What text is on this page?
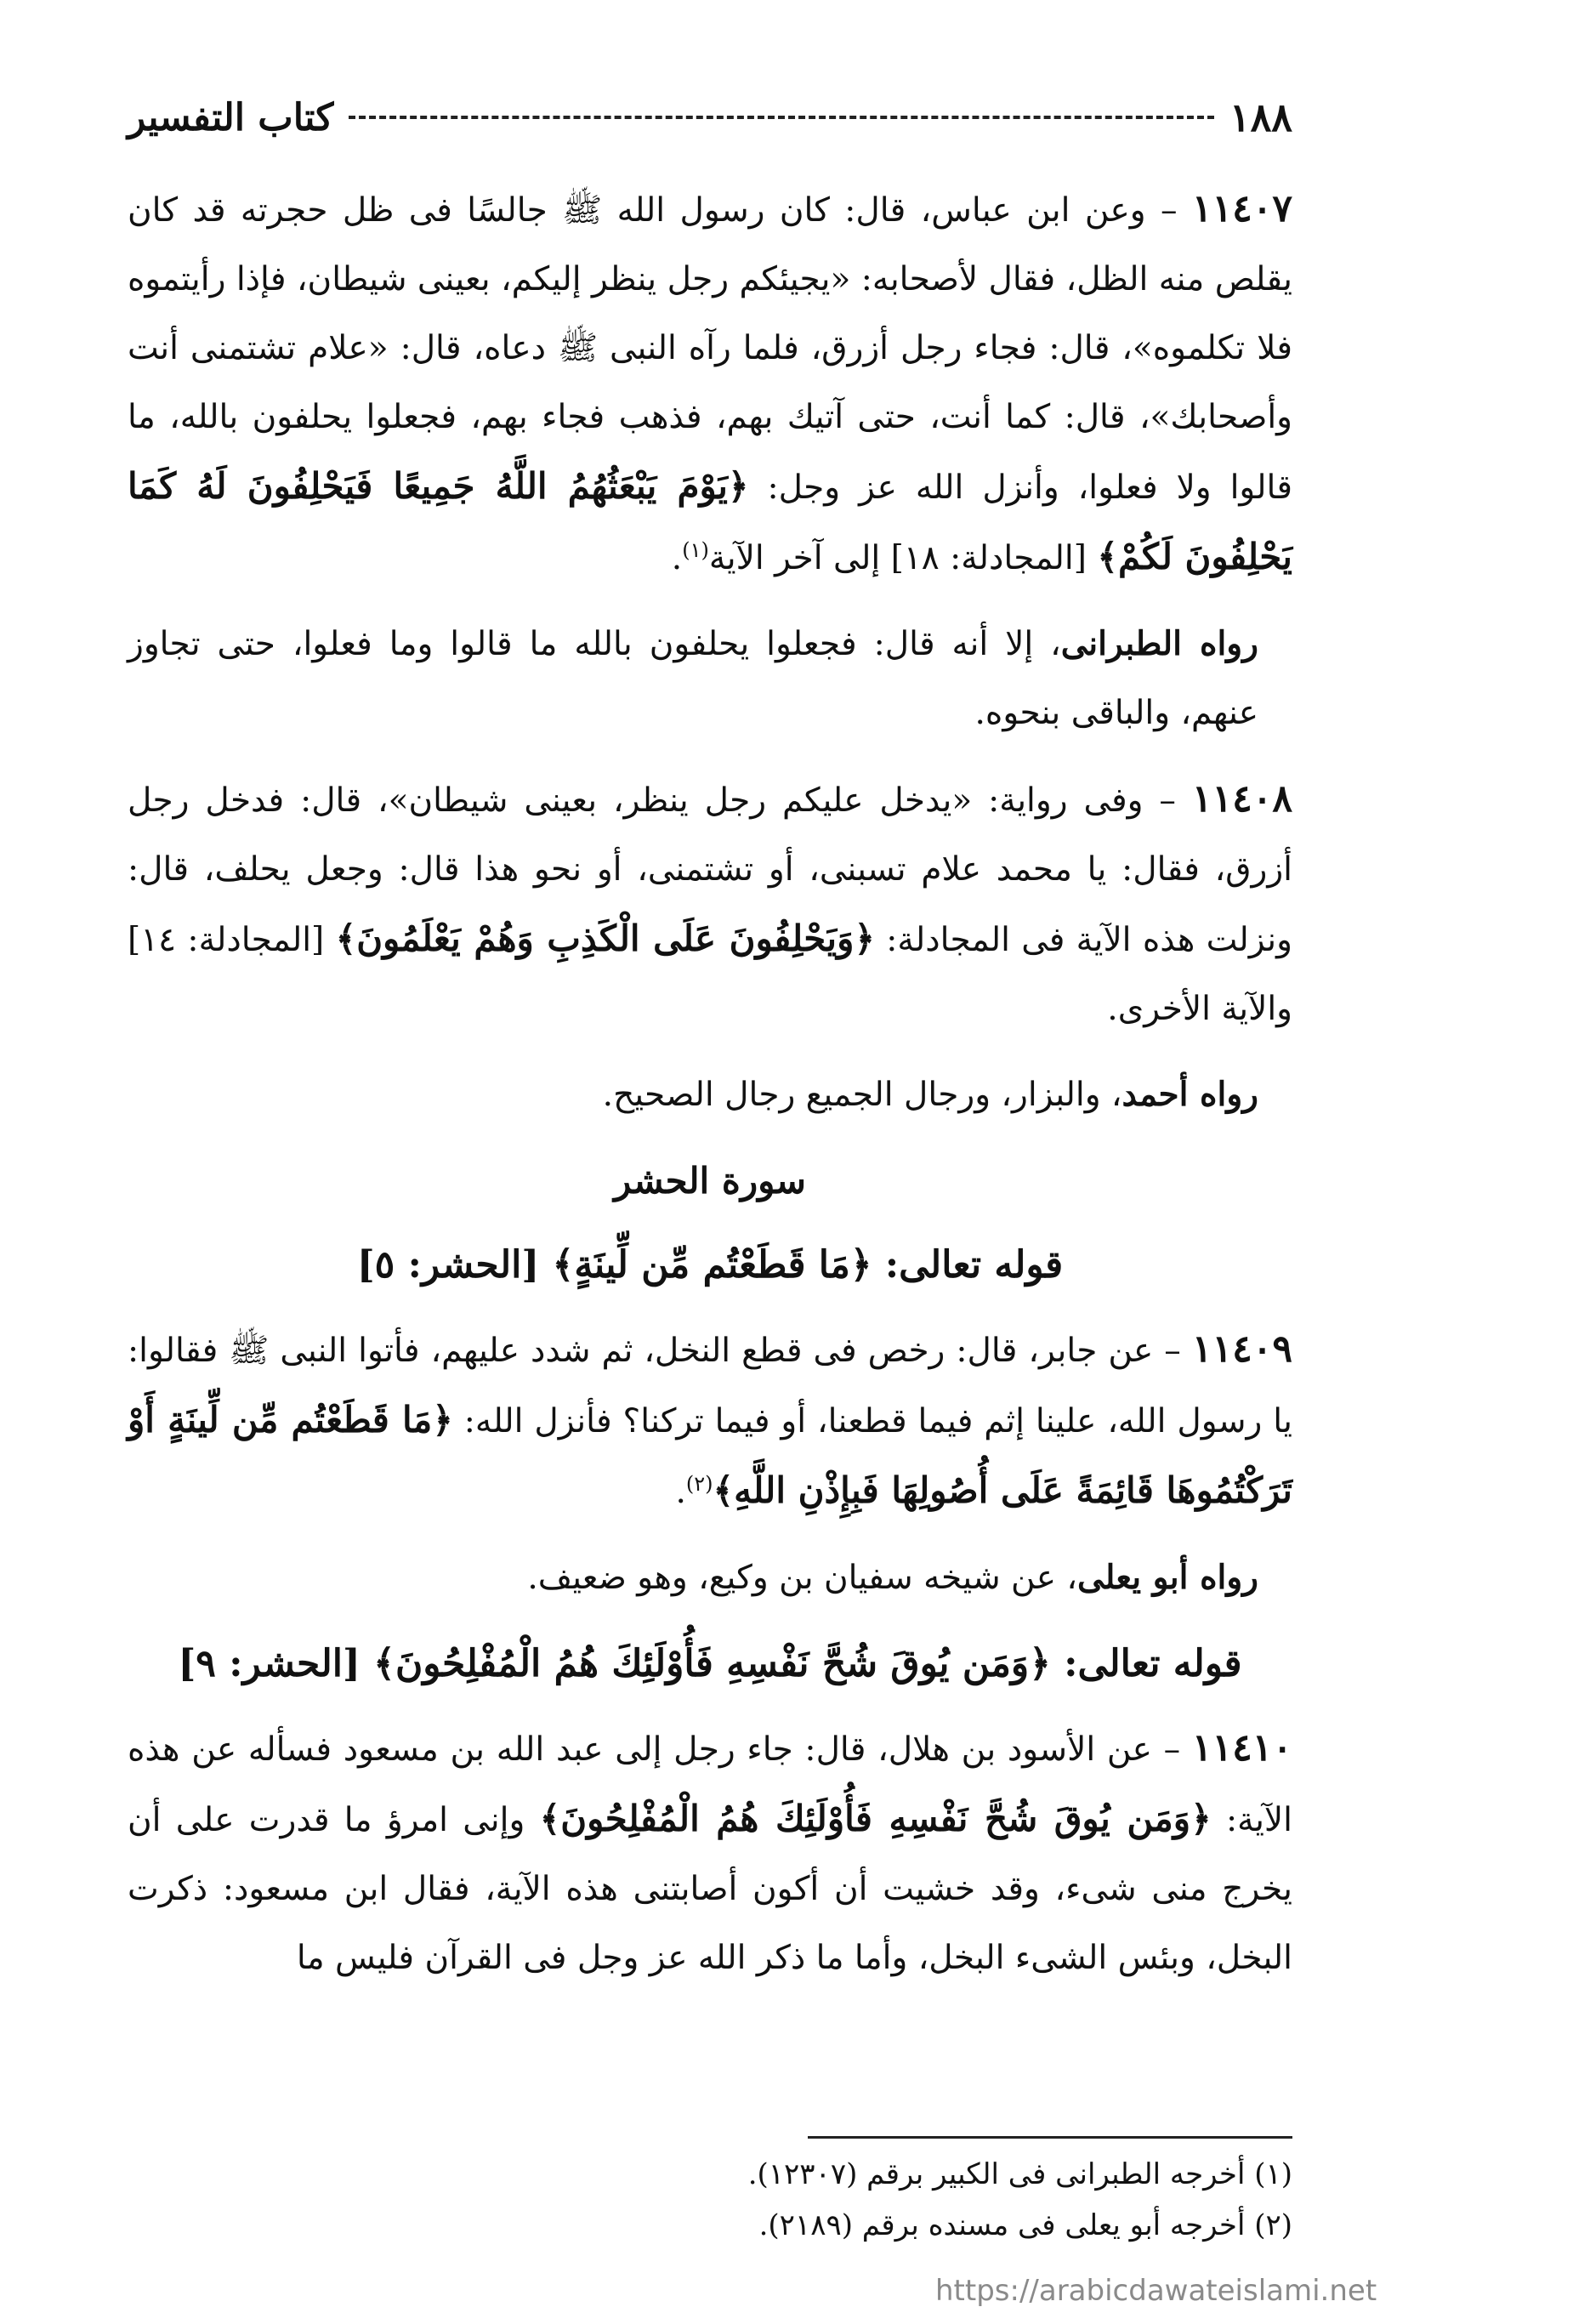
١٨٨
كتاب التفسير

١١٤٠٧ – وعن ابن عباس، قال: كان رسول الله ﷺ جالسًا فى ظل حجرته قد كان يقلص منه الظل، فقال لأصحابه: «يجيئكم رجل ينظر إليكم، بعينى شيطان، فإذا رأيتموه فلا تكلموه»، قال: فجاء رجل أزرق، فلما رآه النبى ﷺ دعاه، قال: «علام تشتمنى أنت وأصحابك»، قال: كما أنت، حتى آتيك بهم، فذهب فجاء بهم، فجعلوا يحلفون بالله، ما قالوا ولا فعلوا، وأنزل الله عز وجل: ﴿يَوْمَ يَبْعَثُهُمُ اللَّهُ جَمِيعًا فَيَحْلِفُونَ لَهُ كَمَا يَحْلِفُونَ لَكُمْ﴾ [المجادلة: ١٨] إلى آخر الآية$^{(١)}$.

رواه الطبرانى، إلا أنه قال: فجعلوا يحلفون بالله ما قالوا وما فعلوا، حتى تجاوز عنهم، والباقى بنحوه.

١١٤٠٨ – وفى رواية: «يدخل عليكم رجل ينظر، بعينى شيطان»، قال: فدخل رجل أزرق، فقال: يا محمد علام تسبنى، أو تشتمنى، أو نحو هذا قال: وجعل يحلف، قال: ونزلت هذه الآية فى المجادلة: ﴿وَيَحْلِفُونَ عَلَى الْكَذِبِ وَهُمْ يَعْلَمُونَ﴾ [المجادلة: ١٤] والآية الأخرى.

رواه أحمد، والبزار، ورجال الجميع رجال الصحيح.

سورة الحشر
قوله تعالى: ﴿مَا قَطَعْتُم مِّن لِّينَةٍ﴾ [الحشر: ٥]

١١٤٠٩ – عن جابر، قال: رخص فى قطع النخل، ثم شدد عليهم، فأتوا النبى ﷺ فقالوا: يا رسول الله، علينا إثم فيما قطعنا، أو فيما تركنا؟ فأنزل الله: ﴿مَا قَطَعْتُم مِّن لِّينَةٍ أَوْ تَرَكْتُمُوهَا قَائِمَةً عَلَى أُصُولِهَا فَبِإِذْنِ اللَّهِ﴾$^{(٢)}$.

رواه أبو يعلى، عن شيخه سفيان بن وكيع، وهو ضعيف.

قوله تعالى: ﴿وَمَن يُوقَ شُحَّ نَفْسِهِ فَأُوْلَئِكَ هُمُ الْمُفْلِحُونَ﴾ [الحشر: ٩]

١١٤١٠ – عن الأسود بن هلال، قال: جاء رجل إلى عبد الله بن مسعود فسأله عن هذه الآية: ﴿وَمَن يُوقَ شُحَّ نَفْسِهِ فَأُوْلَئِكَ هُمُ الْمُفْلِحُونَ﴾ وإنى امرؤ ما قدرت على أن يخرج منى شىء، وقد خشيت أن أكون أصابتنى هذه الآية، فقال ابن مسعود: ذكرت البخل، وبئس الشىء البخل، وأما ما ذكر الله عز وجل فى القرآن فليس ما

(١) أخرجه الطبرانى فى الكبير برقم (١٢٣٠٧).
(٢) أخرجه أبو يعلى فى مسنده برقم (٢١٨٩).
https://arabicdawateislami.net
